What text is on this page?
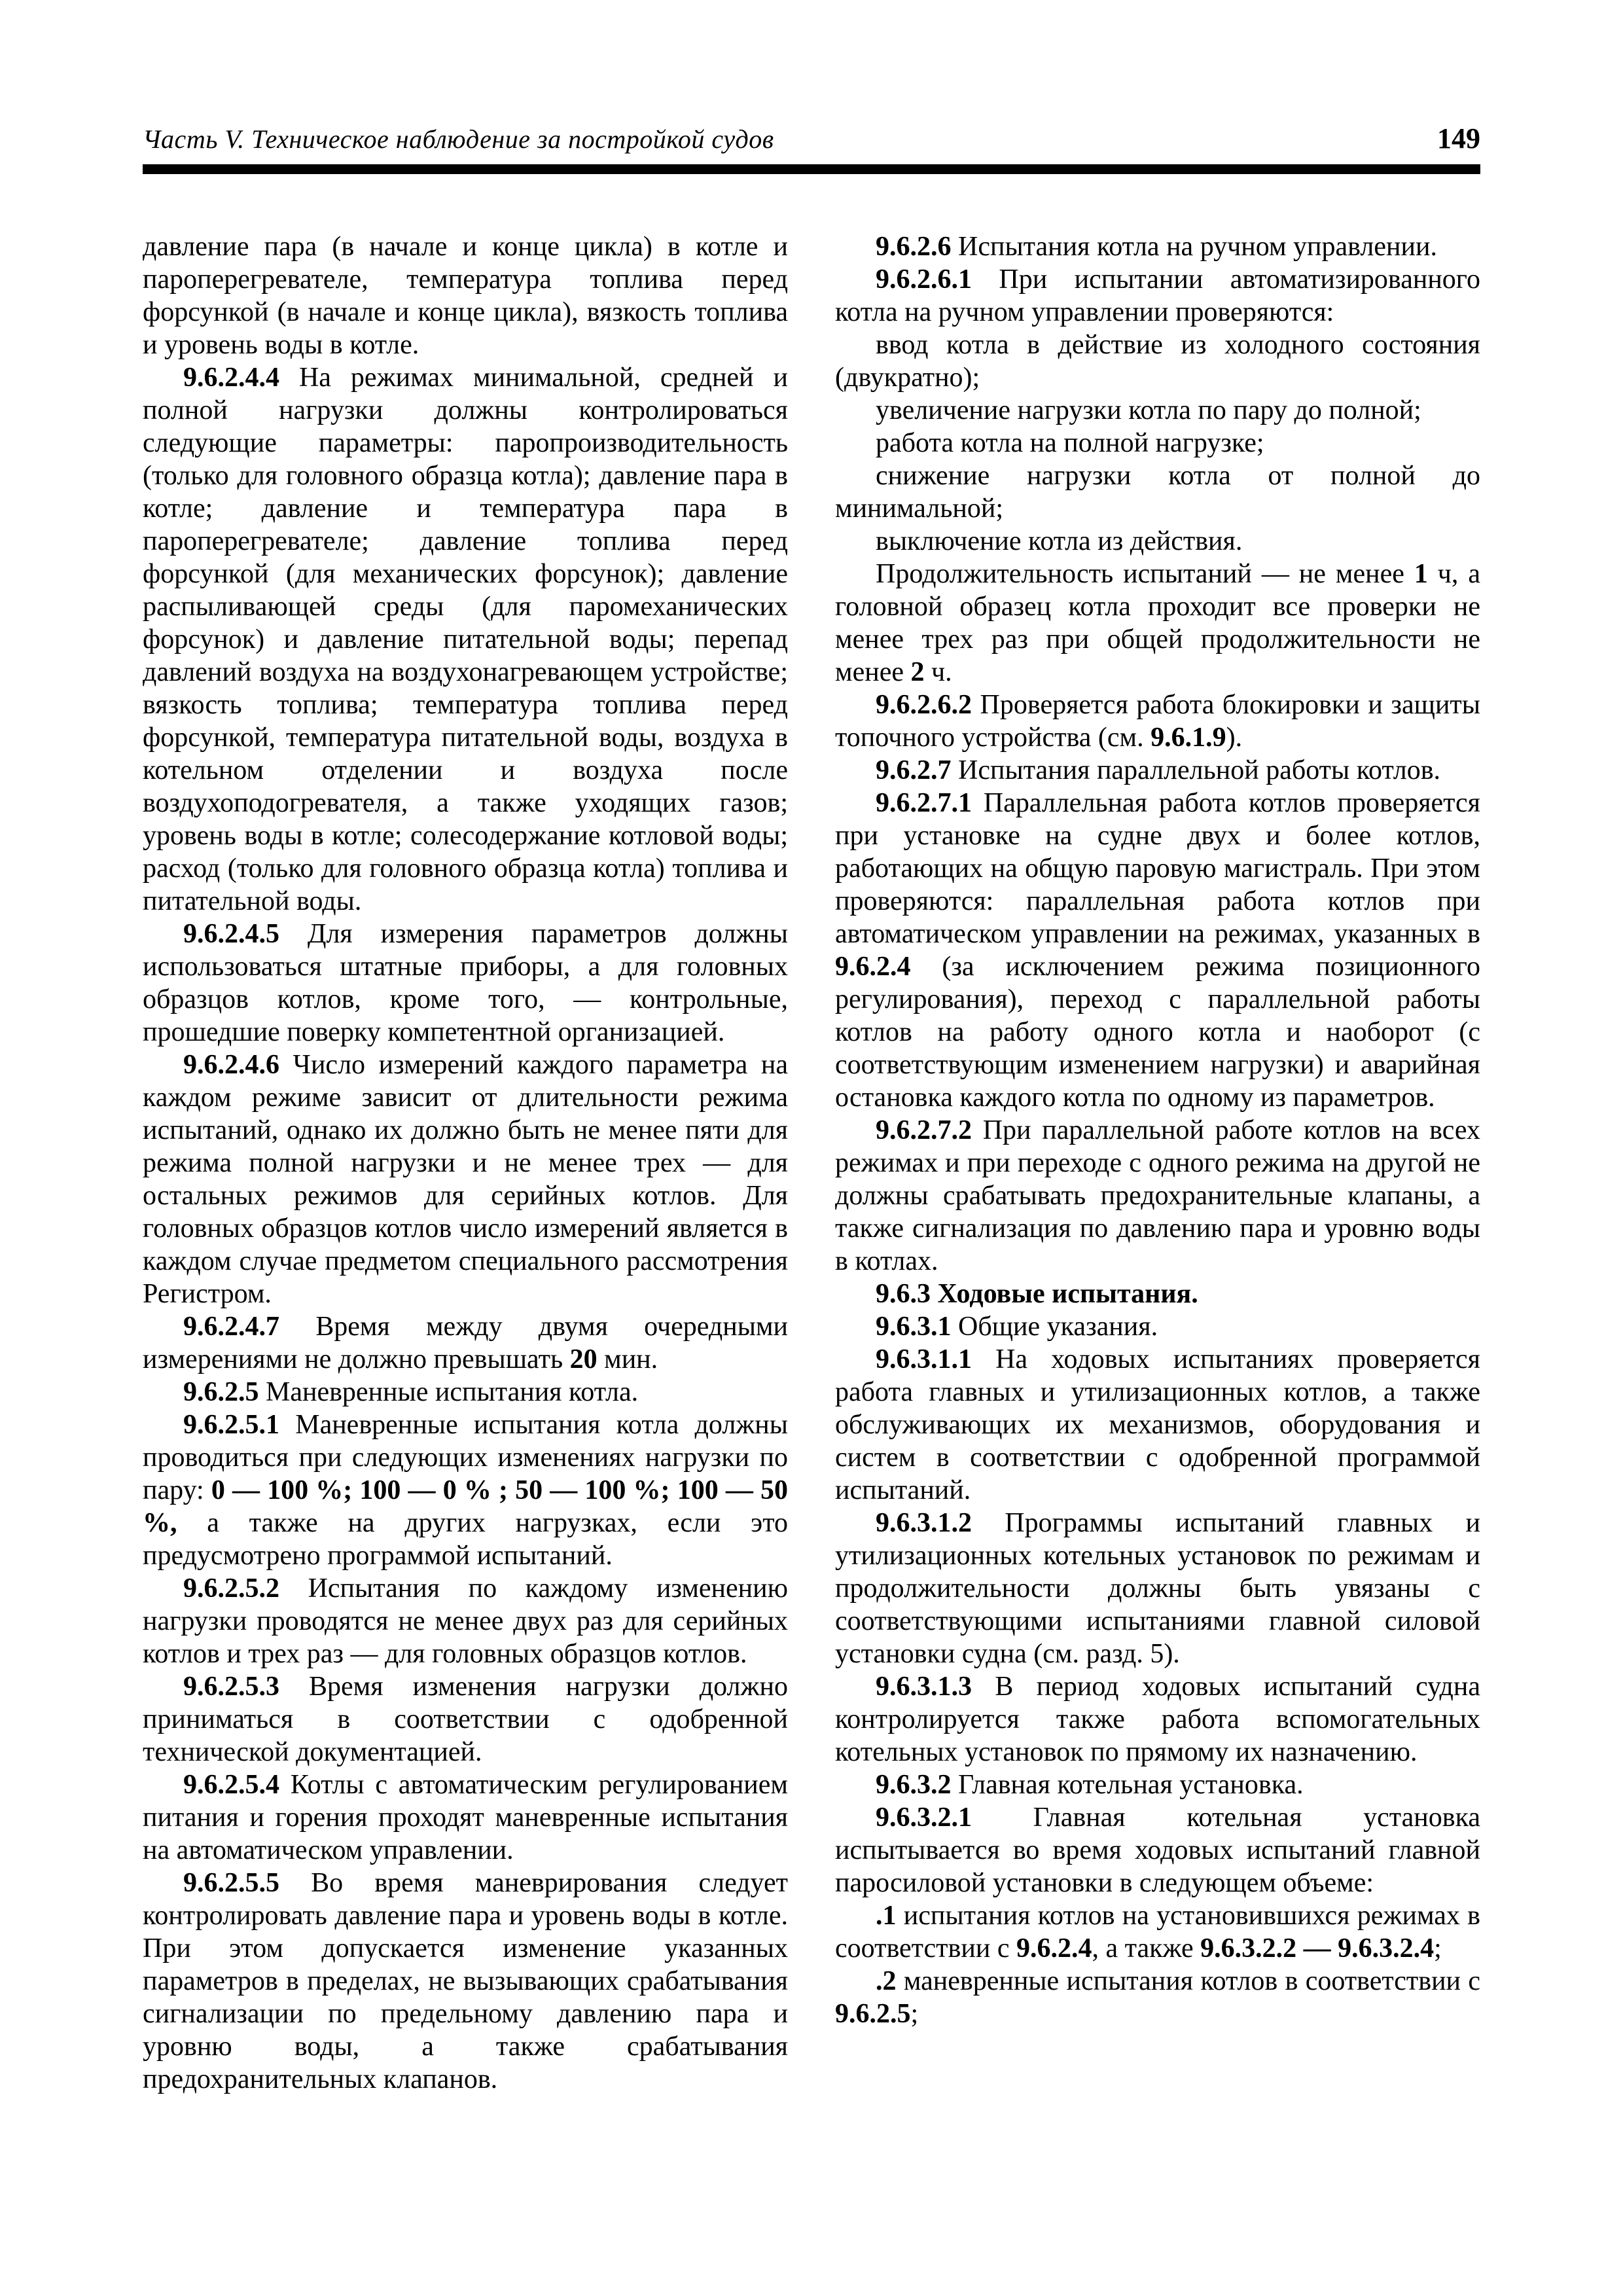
Часть V. Техническое наблюдение за постройкой судов	149

давление пара (в начале и конце цикла) в котле и пароперегревателе, температура топлива перед форсункой (в начале и конце цикла), вязкость топлива и уровень воды в котле.

9.6.2.4.4 На режимах минимальной, средней и полной нагрузки должны контролироваться следующие параметры: паропроизводительность (только для головного образца котла); давление пара в котле; давление и температура пара в пароперегревателе; давление топлива перед форсункой (для механических форсунок); давление распыливающей среды (для паромеханических форсунок) и давление питательной воды; перепад давлений воздуха на воздухонагревающем устройстве; вязкость топлива; температура топлива перед форсункой, температура питательной воды, воздуха в котельном отделении и воздуха после воздухоподогревателя, а также уходящих газов; уровень воды в котле; солесодержание котловой воды; расход (только для головного образца котла) топлива и питательной воды.

9.6.2.4.5 Для измерения параметров должны использоваться штатные приборы, а для головных образцов котлов, кроме того, — контрольные, прошедшие поверку компетентной организацией.

9.6.2.4.6 Число измерений каждого параметра на каждом режиме зависит от длительности режима испытаний, однако их должно быть не менее пяти для режима полной нагрузки и не менее трех — для остальных режимов для серийных котлов. Для головных образцов котлов число измерений является в каждом случае предметом специального рассмотрения Регистром.

9.6.2.4.7 Время между двумя очередными измерениями не должно превышать 20 мин.

9.6.2.5 Маневренные испытания котла.

9.6.2.5.1 Маневренные испытания котла должны проводиться при следующих изменениях нагрузки по пару: 0 — 100 %; 100 — 0 % ; 50 — 100 %; 100 — 50 %, а также на других нагрузках, если это предусмотрено программой испытаний.

9.6.2.5.2 Испытания по каждому изменению нагрузки проводятся не менее двух раз для серийных котлов и трех раз — для головных образцов котлов.

9.6.2.5.3 Время изменения нагрузки должно приниматься в соответствии с одобренной технической документацией.

9.6.2.5.4 Котлы с автоматическим регулированием питания и горения проходят маневренные испытания на автоматическом управлении.

9.6.2.5.5 Во время маневрирования следует контролировать давление пара и уровень воды в котле. При этом допускается изменение указанных параметров в пределах, не вызывающих срабатывания сигнализации по предельному давлению пара и уровню воды, а также срабатывания предохранительных клапанов.

9.6.2.6 Испытания котла на ручном управлении.

9.6.2.6.1 При испытании автоматизированного котла на ручном управлении проверяются:

ввод котла в действие из холодного состояния (двукратно);

увеличение нагрузки котла по пару до полной;

работа котла на полной нагрузке;

снижение нагрузки котла от полной до минимальной;

выключение котла из действия.

Продолжительность испытаний — не менее 1 ч, а головной образец котла проходит все проверки не менее трех раз при общей продолжительности не менее 2 ч.

9.6.2.6.2 Проверяется работа блокировки и защиты топочного устройства (см. 9.6.1.9).

9.6.2.7 Испытания параллельной работы котлов.

9.6.2.7.1 Параллельная работа котлов проверяется при установке на судне двух и более котлов, работающих на общую паровую магистраль. При этом проверяются: параллельная работа котлов при автоматическом управлении на режимах, указанных в 9.6.2.4 (за исключением режима позиционного регулирования), переход с параллельной работы котлов на работу одного котла и наоборот (с соответствующим изменением нагрузки) и аварийная остановка каждого котла по одному из параметров.

9.6.2.7.2 При параллельной работе котлов на всех режимах и при переходе с одного режима на другой не должны срабатывать предохранительные клапаны, а также сигнализация по давлению пара и уровню воды в котлах.

9.6.3 Ходовые испытания.

9.6.3.1 Общие указания.

9.6.3.1.1 На ходовых испытаниях проверяется работа главных и утилизационных котлов, а также обслуживающих их механизмов, оборудования и систем в соответствии с одобренной программой испытаний.

9.6.3.1.2 Программы испытаний главных и утилизационных котельных установок по режимам и продолжительности должны быть увязаны с соответствующими испытаниями главной силовой установки судна (см. разд. 5).

9.6.3.1.3 В период ходовых испытаний судна контролируется также работа вспомогательных котельных установок по прямому их назначению.

9.6.3.2 Главная котельная установка.

9.6.3.2.1 Главная котельная установка испытывается во время ходовых испытаний главной паросиловой установки в следующем объеме:

.1 испытания котлов на установившихся режимах в соответствии с 9.6.2.4, а также 9.6.3.2.2 — 9.6.3.2.4;

.2 маневренные испытания котлов в соответствии с 9.6.2.5;
